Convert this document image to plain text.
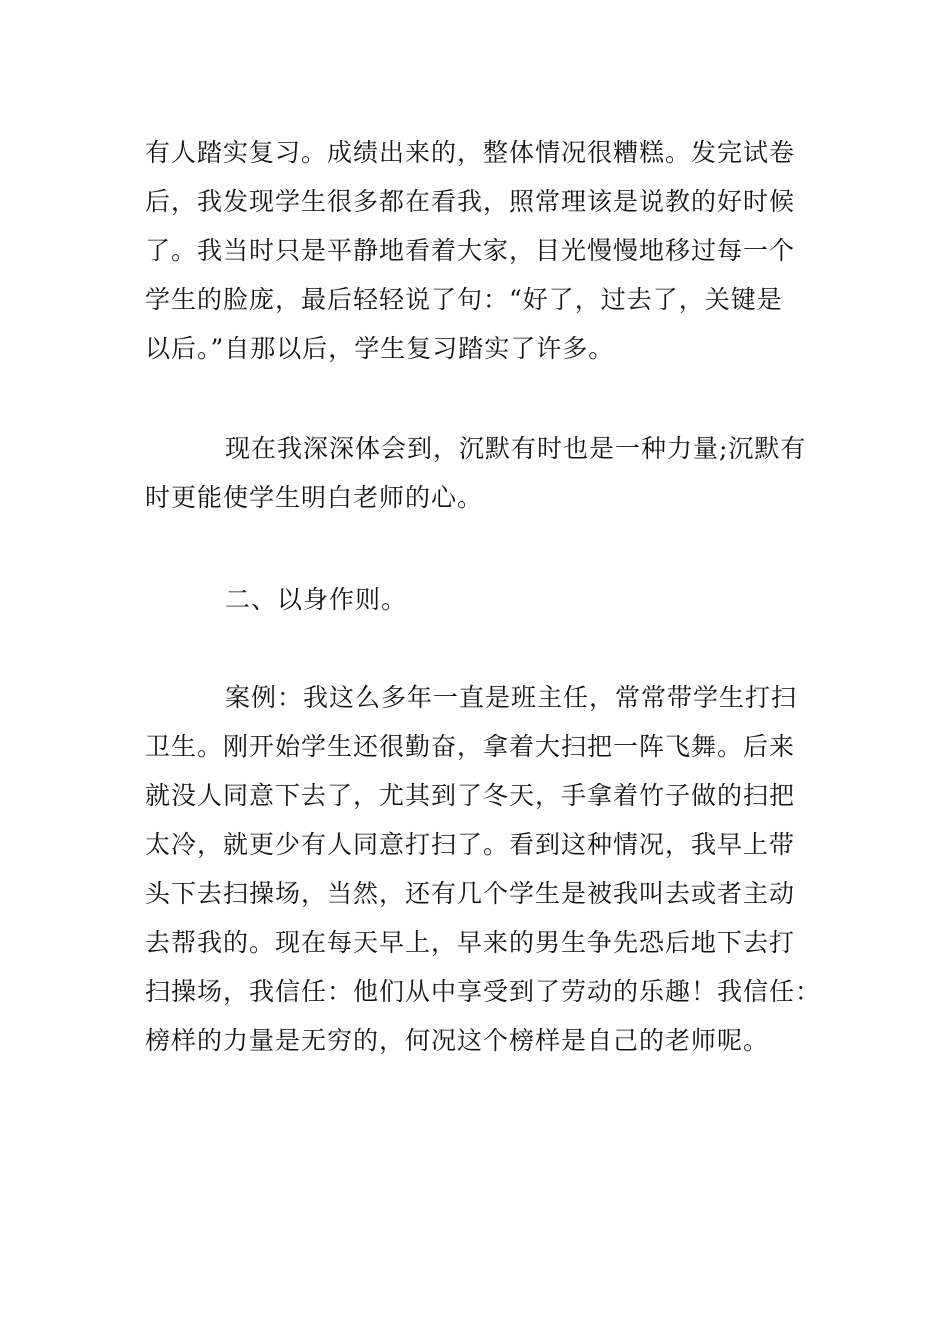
有人踏实复习。成绩出来的，整体情况很糟糕。发完试卷
后，我发现学生很多都在看我，照常理该是说教的好时候
了。我当时只是平静地看着大家，目光慢慢地移过每一个
学生的脸庞，最后轻轻说了句：“好了，过去了，关键是
以后。”自那以后，学生复习踏实了许多。
现在我深深体会到，沉默有时也是一种力量;沉默有
时更能使学生明白老师的心。
二、以身作则。
案例：我这么多年一直是班主任，常常带学生打扫
卫生。刚开始学生还很勤奋，拿着大扫把一阵飞舞。后来
就没人同意下去了，尤其到了冬天，手拿着竹子做的扫把
太冷，就更少有人同意打扫了。看到这种情况，我早上带
头下去扫操场，当然，还有几个学生是被我叫去或者主动
去帮我的。现在每天早上，早来的男生争先恐后地下去打
扫操场，我信任：他们从中享受到了劳动的乐趣！我信任：
榜样的力量是无穷的，何况这个榜样是自己的老师呢。
